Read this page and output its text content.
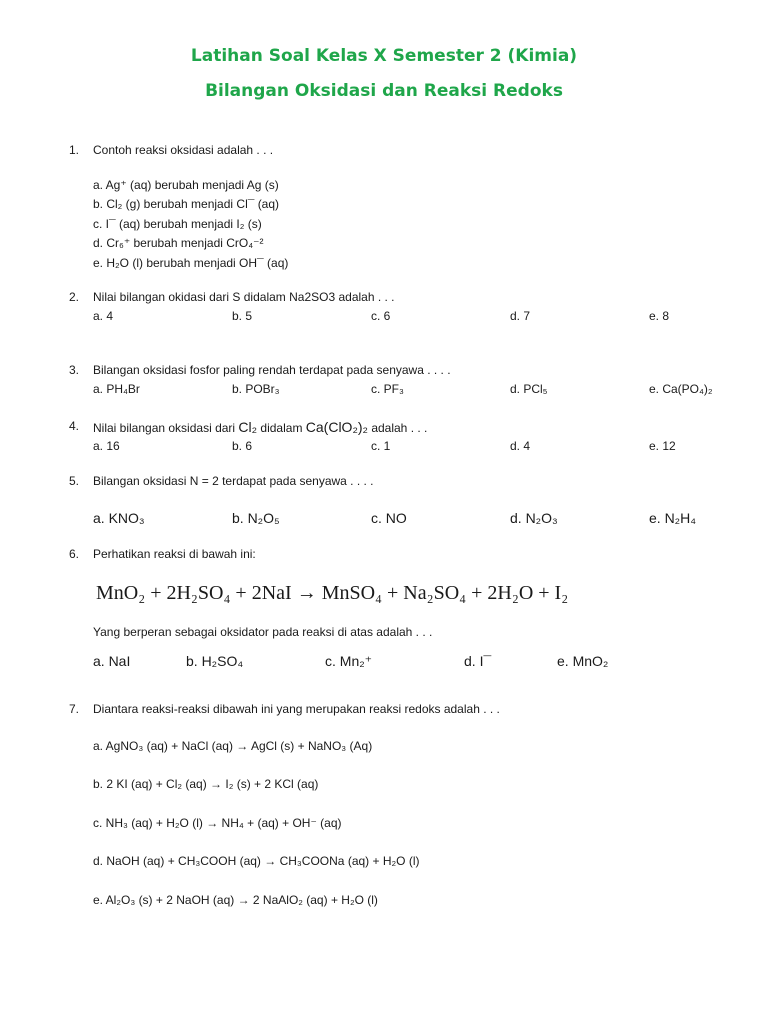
Latihan Soal Kelas X Semester 2 (Kimia)
Bilangan Oksidasi dan Reaksi Redoks
1. Contoh reaksi oksidasi adalah . . .
a. Ag⁺ (aq) berubah menjadi Ag (s)
b. Cl₂ (g) berubah menjadi Cl¯ (aq)
c. I¯ (aq) berubah menjadi I₂ (s)
d. Cr₆⁺ berubah menjadi CrO₄⁻²
e. H₂O (l) berubah menjadi OH¯ (aq)
2. Nilai bilangan okidasi dari S didalam Na2SO3 adalah . . .
a. 4	b. 5	c. 6	d. 7	e. 8
3. Bilangan oksidasi fosfor paling rendah terdapat pada senyawa . . . .
a. PH₄Br	b. POBr₃	c. PF₃	d. PCl₅	e. Ca(PO₄)₂
4. Nilai bilangan oksidasi dari Cl₂ didalam Ca(ClO₂)₂ adalah . . .
a. 16	b. 6	c. 1	d. 4	e. 12
5. Bilangan oksidasi N = 2 terdapat pada senyawa . . . .
a. KNO₃	b. N₂O₅	c. NO	d. N₂O₃	e. N₂H₄
6. Perhatikan reaksi di bawah ini:
MnO₂ + 2H₂SO₄ + 2NaI → MnSO₄ + Na₂SO₄ + 2H₂O + I₂
Yang berperan sebagai oksidator pada reaksi di atas adalah . . .
a. NaI	b. H₂SO₄	c. Mn₂⁺	d. I¯	e. MnO₂
7. Diantara reaksi-reaksi dibawah ini yang merupakan reaksi redoks adalah . . .
a. AgNO₃ (aq) + NaCl (aq) → AgCl (s) + NaNO₃ (Aq)
b. 2 KI (aq) + Cl₂ (aq) → I₂ (s) + 2 KCl (aq)
c. NH₃ (aq) + H₂O (l) → NH₄ + (aq) + OH⁻ (aq)
d. NaOH (aq) + CH₃COOH (aq) → CH₃COONa (aq) + H₂O (l)
e. Al₂O₃ (s) + 2 NaOH (aq) → 2 NaAlO₂ (aq) + H₂O (l)
